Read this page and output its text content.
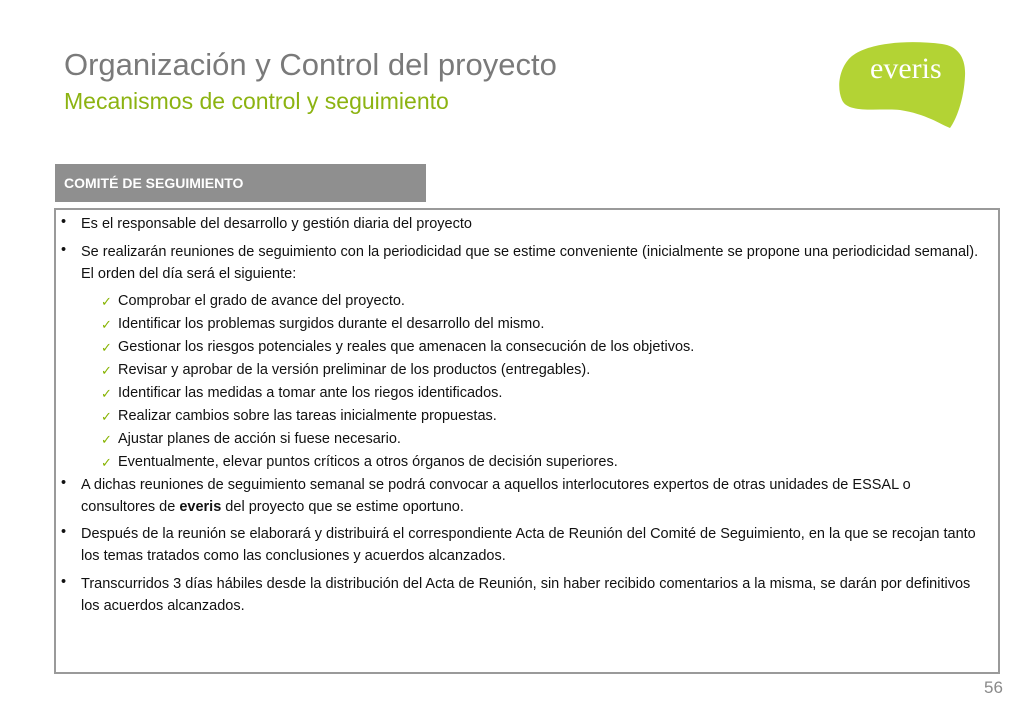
Organización y Control del proyecto
Mecanismos de control y seguimiento
everis
COMITÉ DE SEGUIMIENTO
• Es el responsable del desarrollo y gestión diaria del proyecto
• Se realizarán reuniones de seguimiento con la periodicidad que se estime conveniente (inicialmente se propone una periodicidad semanal). El orden del día será el siguiente:
✓ Comprobar el grado de avance del proyecto.
✓ Identificar los problemas surgidos durante el desarrollo del mismo.
✓ Gestionar los riesgos potenciales y reales que amenacen la consecución de los objetivos.
✓ Revisar y aprobar de la versión preliminar de los productos (entregables).
✓ Identificar las medidas a tomar ante los riegos identificados.
✓ Realizar cambios sobre las tareas inicialmente propuestas.
✓ Ajustar planes de acción si fuese necesario.
✓ Eventualmente, elevar puntos críticos a otros órganos de decisión superiores.
• A dichas reuniones de seguimiento semanal se podrá convocar a aquellos interlocutores expertos de otras unidades de ESSAL o consultores de everis del proyecto que se estime oportuno.
• Después de la reunión se elaborará y distribuirá el correspondiente Acta de Reunión del Comité de Seguimiento, en la que se recojan tanto los temas tratados como las conclusiones y acuerdos alcanzados.
• Transcurridos 3 días hábiles desde la distribución del Acta de Reunión, sin haber recibido comentarios a la misma, se darán por definitivos los acuerdos alcanzados.
56
